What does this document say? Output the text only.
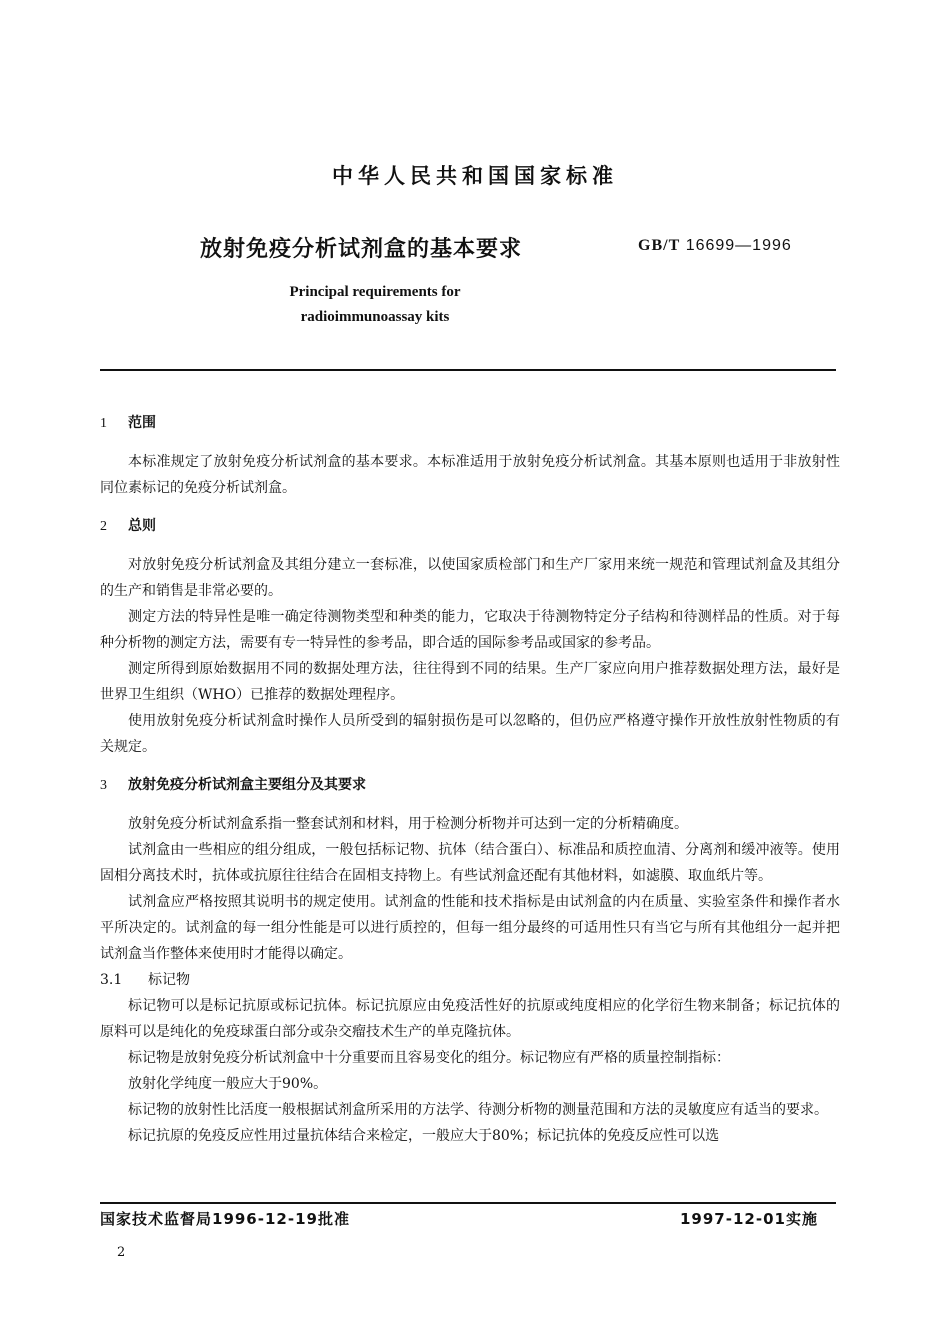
中华人民共和国国家标准
放射免疫分析试剂盒的基本要求	GB/T 16699—1996
Principal requirements for
radioimmunoassay kits
1 范围

本标准规定了放射免疫分析试剂盒的基本要求。本标准适用于放射免疫分析试剂盒。其基本原则也适用于非放射性同位素标记的免疫分析试剂盒。

2 总则

对放射免疫分析试剂盒及其组分建立一套标准，以使国家质检部门和生产厂家用来统一规范和管理试剂盒及其组分的生产和销售是非常必要的。

测定方法的特异性是唯一确定待测物类型和种类的能力，它取决于待测物特定分子结构和待测样品的性质。对于每种分析物的测定方法，需要有专一特异性的参考品，即合适的国际参考品或国家的参考品。

测定所得到原始数据用不同的数据处理方法，往往得到不同的结果。生产厂家应向用户推荐数据处理方法，最好是世界卫生组织（WHO）已推荐的数据处理程序。

使用放射免疫分析试剂盒时操作人员所受到的辐射损伤是可以忽略的，但仍应严格遵守操作开放性放射性物质的有关规定。

3 放射免疫分析试剂盒主要组分及其要求

放射免疫分析试剂盒系指一整套试剂和材料，用于检测分析物并可达到一定的分析精确度。

试剂盒由一些相应的组分组成，一般包括标记物、抗体（结合蛋白）、标准品和质控血清、分离剂和缓冲液等。使用固相分离技术时，抗体或抗原往往结合在固相支持物上。有些试剂盒还配有其他材料，如滤膜、取血纸片等。

试剂盒应严格按照其说明书的规定使用。试剂盒的性能和技术指标是由试剂盒的内在质量、实验室条件和操作者水平所决定的。试剂盒的每一组分性能是可以进行质控的，但每一组分最终的可适用性只有当它与所有其他组分一起并把试剂盒当作整体来使用时才能得以确定。

3.1 标记物

标记物可以是标记抗原或标记抗体。标记抗原应由免疫活性好的抗原或纯度相应的化学衍生物来制备；标记抗体的原料可以是纯化的免疫球蛋白部分或杂交瘤技术生产的单克隆抗体。

标记物是放射免疫分析试剂盒中十分重要而且容易变化的组分。标记物应有严格的质量控制指标：

放射化学纯度一般应大于90%。

标记物的放射性比活度一般根据试剂盒所采用的方法学、待测分析物的测量范围和方法的灵敏度应有适当的要求。

标记抗原的免疫反应性用过量抗体结合来检定，一般应大于80%；标记抗体的免疫反应性可以选

国家技术监督局1996-12-19批准	1997-12-01实施
2
